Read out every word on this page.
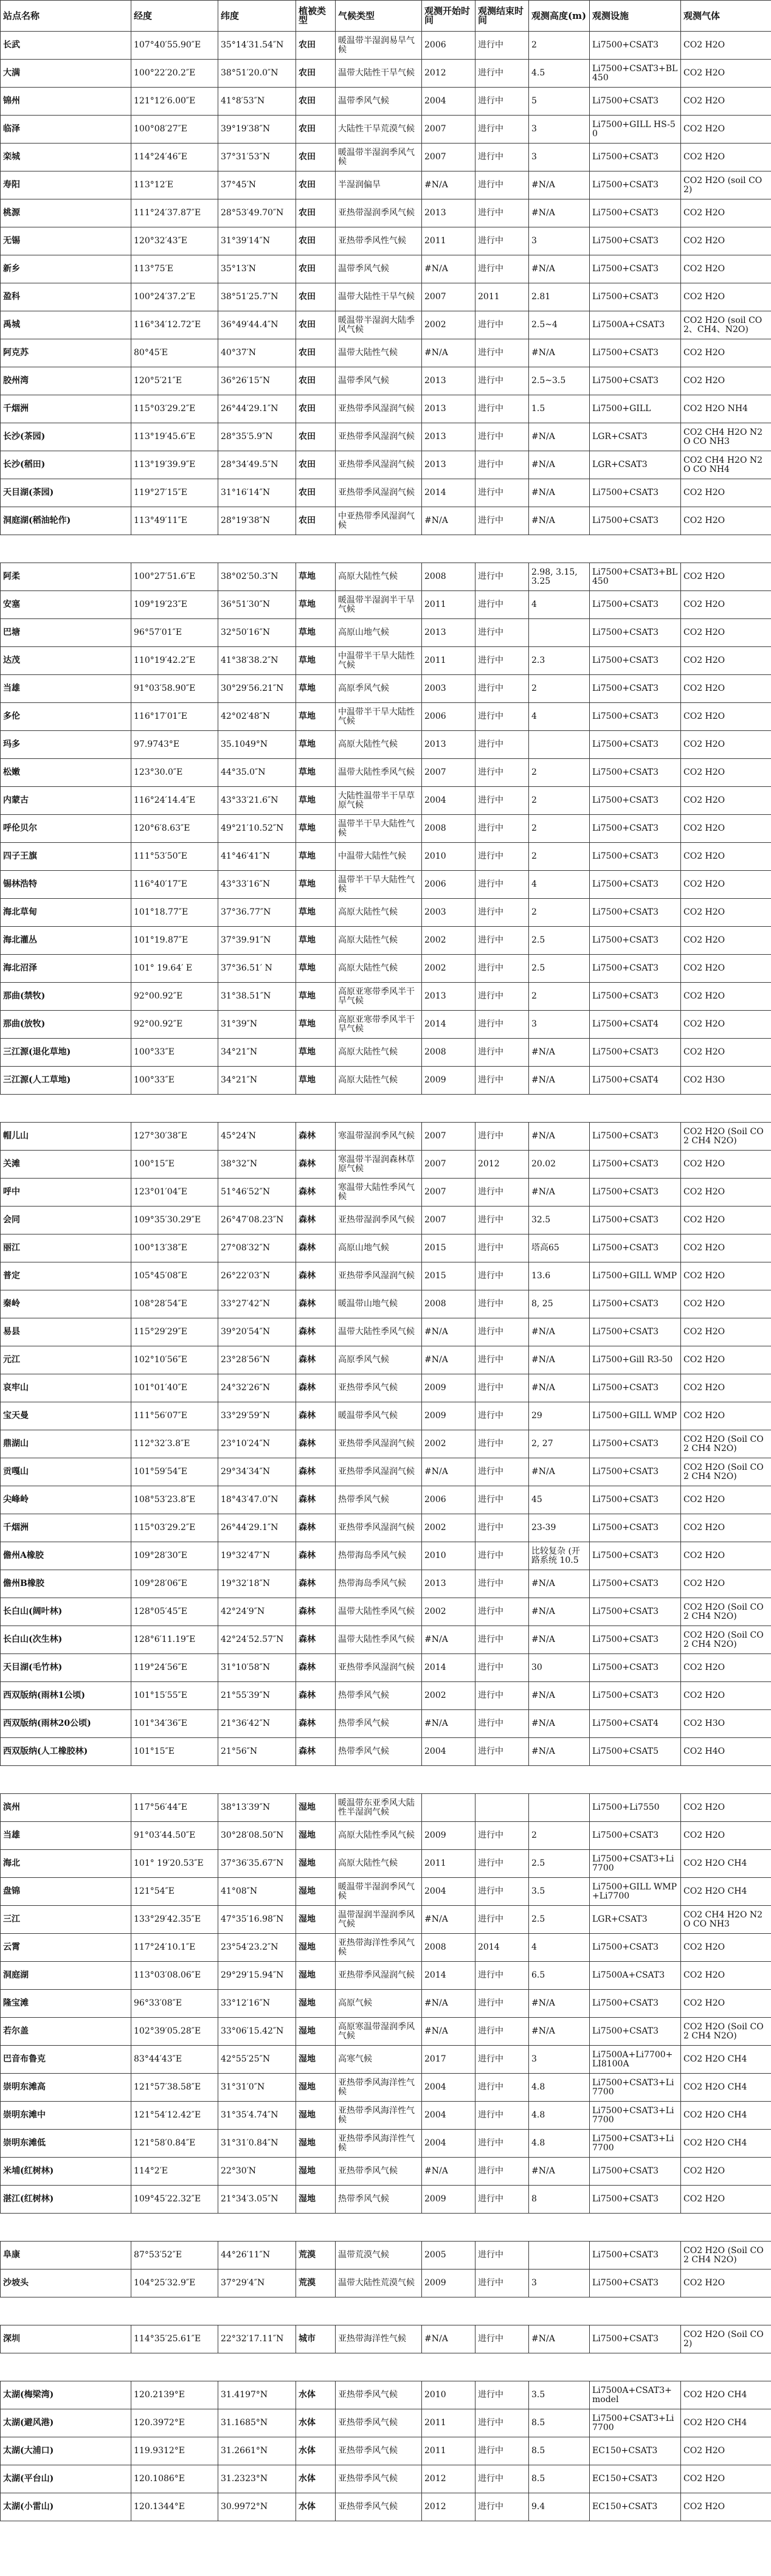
站点名称	经度	纬度	植被类型	气候类型	观测开始时间	观测结束时间	观测高度(m)	观测设施	观测气体
长武	107°40′55.90″E	35°14′31.54″N	农田	暖温带半湿润易旱气候	2006	进行中	2	Li7500+CSAT3	CO2 H2O
大满	100°22′20.2″E	38°51′20.0″N	农田	温带大陆性干旱气候	2012	进行中	4.5	Li7500+CSAT3+BL450	CO2 H2O
锦州	121°12′6.00″E	41°8′53″N	农田	温带季风气候	2004	进行中	5	Li7500+CSAT3	CO2 H2O
临泽	100°08′27″E	39°19′38″N	农田	大陆性干旱荒漠气候	2007	进行中	3	Li7500+GILL HS-50	CO2 H2O
栾城	114°24′46″E	37°31′53″N	农田	暖温带半湿润季风气候	2007	进行中	3	Li7500+CSAT3	CO2 H2O
寿阳	113°12′E	37°45′N	农田	半湿润偏旱	#N/A	进行中	#N/A	Li7500+CSAT3	CO2 H2O (soil CO2)
桃源	111°24′37.87″E	28°53′49.70″N	农田	亚热带湿润季风气候	2013	进行中	#N/A	Li7500+CSAT3	CO2 H2O
无锡	120°32′43″E	31°39′14″N	农田	亚热带季风性气候	2011	进行中	3	Li7500+CSAT3	CO2 H2O
新乡	113°75′E	35°13′N	农田	温带季风气候	#N/A	进行中	#N/A	Li7500+CSAT3	CO2 H2O
盈科	100°24′37.2″E	38°51′25.7″N	农田	温带大陆性干旱气候	2007	2011	2.81	Li7500+CSAT3	CO2 H2O
禹城	116°34′12.72″E	36°49′44.4″N	农田	暖温带半湿润大陆季风气候	2002	进行中	2.5~4	Li7500A+CSAT3	CO2 H2O (soil CO2、CH4、N2O)
阿克苏	80°45′E	40°37′N	农田	温带大陆性气候	#N/A	进行中	#N/A	Li7500+CSAT3	CO2 H2O
胶州湾	120°5′21″E	36°26′15″N	农田	温带季风气候	2013	进行中	2.5~3.5	Li7500+CSAT3	CO2 H2O
千烟洲	115°03′29.2″E	26°44′29.1″N	农田	亚热带季风湿润气候	2013	进行中	1.5	Li7500+GILL	CO2 H2O NH4
长沙(茶园)	113°19′45.6″E	28°35′5.9″N	农田	亚热带季风湿润气候	2013	进行中	#N/A	LGR+CSAT3	CO2 CH4 H2O N2O CO NH3
长沙(稻田)	113°19′39.9″E	28°34′49.5″N	农田	亚热带季风湿润气候	2013	进行中	#N/A	LGR+CSAT3	CO2 CH4 H2O N2O CO NH4
天目湖(茶园)	119°27′15″E	31°16′14″N	农田	亚热带季风湿润气候	2014	进行中	#N/A	Li7500+CSAT3	CO2 H2O
洞庭湖(稻油轮作)	113°49′11″E	28°19′38″N	农田	中亚热带季风湿润气候	#N/A	进行中	#N/A	Li7500+CSAT3	CO2 H2O

阿柔	100°27′51.6″E	38°02′50.3″N	草地	高原大陆性气候	2008	进行中	2.98, 3.15, 3.25	Li7500+CSAT3+BL450	CO2 H2O
安塞	109°19′23″E	36°51′30″N	草地	暖温带半湿润半干旱气候	2011	进行中	4	Li7500+CSAT3	CO2 H2O
巴塘	96°57′01″E	32°50′16″N	草地	高原山地气候	2013	进行中		Li7500+CSAT3	CO2 H2O
达茂	110°19′42.2″E	41°38′38.2″N	草地	中温带半干旱大陆性气候	2011	进行中	2.3	Li7500+CSAT3	CO2 H2O
当雄	91°03′58.90″E	30°29′56.21″N	草地	高原季风气候	2003	进行中	2	Li7500+CSAT3	CO2 H2O
多伦	116°17′01″E	42°02′48″N	草地	中温带半干旱大陆性气候	2006	进行中	4	Li7500+CSAT3	CO2 H2O
玛多	97.9743°E	35.1049°N	草地	高原大陆性气候	2013	进行中		Li7500+CSAT3	CO2 H2O
松嫩	123°30.0″E	44°35.0″N	草地	温带大陆性季风气候	2007	进行中	2	Li7500+CSAT3	CO2 H2O
内蒙古	116°24′14.4″E	43°33′21.6″N	草地	大陆性温带半干旱草原气候	2004	进行中	2	Li7500+CSAT3	CO2 H2O
呼伦贝尔	120°6′8.63″E	49°21′10.52″N	草地	温带半干旱大陆性气候	2008	进行中	2	Li7500+CSAT3	CO2 H2O
四子王旗	111°53′50″E	41°46′41″N	草地	中温带大陆性气候	2010	进行中	2	Li7500+CSAT3	CO2 H2O
锡林浩特	116°40′17″E	43°33′16″N	草地	温带半干旱大陆性气候	2006	进行中	4	Li7500+CSAT3	CO2 H2O
海北草甸	101°18.77″E	37°36.77″N	草地	高原大陆性气候	2003	进行中	2	Li7500+CSAT3	CO2 H2O
海北灌丛	101°19.87″E	37°39.91″N	草地	高原大陆性气候	2002	进行中	2.5	Li7500+CSAT3	CO2 H2O
海北沼泽	101° 19.64′ E	37°36.51′ N	草地	高原大陆性气候	2002	进行中	2.5	Li7500+CSAT3	CO2 H2O
那曲(禁牧)	92°00.92″E	31°38.51″N	草地	高原亚寒带季风半干旱气候	2013	进行中	2	Li7500+CSAT3	CO2 H2O
那曲(放牧)	92°00.92″E	31°39″N	草地	高原亚寒带季风半干旱气候	2014	进行中	3	Li7500+CSAT4	CO2 H2O
三江源(退化草地)	100°33″E	34°21″N	草地	高原大陆性气候	2008	进行中	#N/A	Li7500+CSAT3	CO2 H2O
三江源(人工草地)	100°33″E	34°21″N	草地	高原大陆性气候	2009	进行中	#N/A	Li7500+CSAT4	CO2 H3O

帽儿山	127°30′38″E	45°24′N	森林	寒温带湿润季风气候	2007	进行中	#N/A	Li7500+CSAT3	CO2 H2O (Soil CO2 CH4 N2O)
关滩	100°15″E	38°32″N	森林	寒温带半湿润森林草原气候	2007	2012	20.02	Li7500+CSAT3	CO2 H2O
呼中	123°01′04″E	51°46′52″N	森林	寒温带大陆性季风气候	2007	进行中	#N/A	Li7500+CSAT3	CO2 H2O
会同	109°35′30.29″E	26°47′08.23″N	森林	亚热带湿润季风气候	2007	进行中	32.5	Li7500+CSAT3	CO2 H2O
丽江	100°13′38″E	27°08′32″N	森林	高原山地气候	2015	进行中	塔高65	Li7500+CSAT3	CO2 H2O
普定	105°45′08″E	26°22′03″N	森林	亚热带季风湿润气候	2015	进行中	13.6	Li7500+GILL WMP	CO2 H2O
秦岭	108°28′54″E	33°27′42″N	森林	暖温带山地气候	2008	进行中	8, 25	Li7500+CSAT3	CO2 H2O
易县	115°29′29″E	39°20′54″N	森林	温带大陆性季风气候	#N/A	进行中	#N/A	Li7500+CSAT3	CO2 H2O
元江	102°10′56″E	23°28′56″N	森林	高原季风气候	#N/A	进行中	#N/A	Li7500+Gill R3-50	CO2 H2O
哀牢山	101°01′40″E	24°32′26″N	森林	亚热带季风气候	2009	进行中	#N/A	Li7500+CSAT3	CO2 H2O
宝天曼	111°56′07″E	33°29′59″N	森林	暖温带季风气候	2009	进行中	29	Li7500+GILL WMP	CO2 H2O
鼎湖山	112°32′3.8″E	23°10′24″N	森林	亚热带季风湿润气候	2002	进行中	2, 27	Li7500+CSAT3	CO2 H2O (Soil CO2 CH4 N2O)
贡嘎山	101°59′54″E	29°34′34″N	森林	亚热带季风湿润气候	#N/A	进行中	#N/A	Li7500+CSAT3	CO2 H2O (Soil CO2 CH4 N2O)
尖峰岭	108°53′23.8″E	18°43′47.0″N	森林	热带季风气候	2006	进行中	45	Li7500+CSAT3	CO2 H2O
千烟洲	115°03′29.2″E	26°44′29.1″N	森林	亚热带季风湿润气候	2002	进行中	23-39	Li7500+CSAT3	CO2 H2O
儋州A橡胶	109°28′30″E	19°32′47″N	森林	热带海岛季风气候	2010	进行中	比较复杂 (开路系统 10.5	Li7500+CSAT3	CO2 H2O
儋州B橡胶	109°28′06″E	19°32′18″N	森林	热带海岛季风气候	2013	进行中	#N/A	Li7500+CSAT3	CO2 H2O
长白山(阔叶林)	128°05′45″E	42°24′9″N	森林	温带大陆性季风气候	2002	进行中	#N/A	Li7500+CSAT3	CO2 H2O (Soil CO2 CH4 N2O)
长白山(次生林)	128°6′11.19″E	42°24′52.57″N	森林	温带大陆性季风气候	#N/A	进行中	#N/A	Li7500+CSAT3	CO2 H2O (Soil CO2 CH4 N2O)
天目湖(毛竹林)	119°24′56″E	31°10′58″N	森林	亚热带季风湿润气候	2014	进行中	30	Li7500+CSAT3	CO2 H2O
西双版纳(雨林1公顷)	101°15′55″E	21°55′39″N	森林	热带季风气候	2002	进行中	#N/A	Li7500+CSAT3	CO2 H2O
西双版纳(雨林20公顷)	101°34′36″E	21°36′42″N	森林	热带季风气候	#N/A	进行中	#N/A	Li7500+CSAT4	CO2 H3O
西双版纳(人工橡胶林)	101°15″E	21°56″N	森林	热带季风气候	2004	进行中	#N/A	Li7500+CSAT5	CO2 H4O

滨州	117°56′44″E	38°13′39″N	湿地	暖温带东亚季风大陆性半湿润气候				Li7500+Li7550	CO2 H2O
当雄	91°03′44.50″E	30°28′08.50″N	湿地	高原大陆性季风气候	2009	进行中	2	Li7500+CSAT3	CO2 H2O
海北	101° 19′20.53″E	37°36′35.67″N	湿地	高原大陆性气候	2011	进行中	2.5	Li7500+CSAT3+Li7700	CO2 H2O CH4
盘锦	121°54″E	41°08″N	湿地	暖温带半湿润季风气候	2004	进行中	3.5	Li7500+GILL WMP+Li7700	CO2 H2O CH4
三江	133°29′42.35″E	47°35′16.98″N	湿地	温带湿润半湿润季风气候	#N/A	进行中	2.5	LGR+CSAT3	CO2 CH4 H2O N2O CO NH3
云霄	117°24′10.1″E	23°54′23.2″N	湿地	亚热带海洋性季风气候	2008	2014	4	Li7500+CSAT3	CO2 H2O
洞庭湖	113°03′08.06″E	29°29′15.94″N	湿地	亚热带季风湿润气候	2014	进行中	6.5	Li7500A+CSAT3	CO2 H2O
隆宝滩	96°33′08″E	33°12′16″N	湿地	高原气候	#N/A	进行中	#N/A	Li7500+CSAT3	CO2 H2O
若尔盖	102°39′05.28″E	33°06′15.42″N	湿地	高原寒温带湿润季风气候	#N/A	进行中	#N/A	Li7500+CSAT3	CO2 H2O (Soil CO2 CH4 N2O)
巴音布鲁克	83°44′43″E	42°55′25″N	湿地	高寒气候	2017	进行中	3	Li7500A+Li7700+LI8100A	CO2 H2O CH4
崇明东滩高	121°57′38.58″E	31°31′0″N	湿地	亚热带季风海洋性气候	2004	进行中	4.8	Li7500+CSAT3+Li7700	CO2 H2O CH4
崇明东滩中	121°54′12.42″E	31°35′4.74″N	湿地	亚热带季风海洋性气候	2004	进行中	4.8	Li7500+CSAT3+Li7700	CO2 H2O CH4
崇明东滩低	121°58′0.84″E	31°31′0.84″N	湿地	亚热带季风海洋性气候	2004	进行中	4.8	Li7500+CSAT3+Li7700	CO2 H2O CH4
米埔(红树林)	114°2′E	22°30′N	湿地	亚热带季风气候	#N/A	进行中	#N/A	Li7500+CSAT3	CO2 H2O
湛江(红树林)	109°45′22.32″E	21°34′3.05″N	湿地	热带季风气候	2009	进行中	8	Li7500+CSAT3	CO2 H2O

阜康	87°53′52″E	44°26′11″N	荒漠	温带荒漠气候	2005	进行中		Li7500+CSAT3	CO2 H2O (Soil CO2 CH4 N2O)
沙坡头	104°25′32.9″E	37°29′4″N	荒漠	温带大陆性荒漠气候	2009	进行中	3	Li7500+CSAT3	CO2 H2O

深圳	114°35′25.61″E	22°32′17.11″N	城市	亚热带海洋性气候	#N/A	进行中	#N/A	Li7500+CSAT3	CO2 H2O (Soil CO2)

太湖(梅梁湾)	120.2139°E	31.4197°N	水体	亚热带季风气候	2010	进行中	3.5	Li7500A+CSAT3+model	CO2 H2O CH4
太湖(避风港)	120.3972°E	31.1685°N	水体	亚热带季风气候	2011	进行中	8.5	Li7500+CSAT3+Li7700	CO2 H2O CH4
太湖(大浦口)	119.9312°E	31.2661°N	水体	亚热带季风气候	2011	进行中	8.5	EC150+CSAT3	CO2 H2O
太湖(平台山)	120.1086°E	31.2323°N	水体	亚热带季风气候	2012	进行中	8.5	EC150+CSAT3	CO2 H2O
太湖(小雷山)	120.1344°E	30.9972°N	水体	亚热带季风气候	2012	进行中	9.4	EC150+CSAT3	CO2 H2O
